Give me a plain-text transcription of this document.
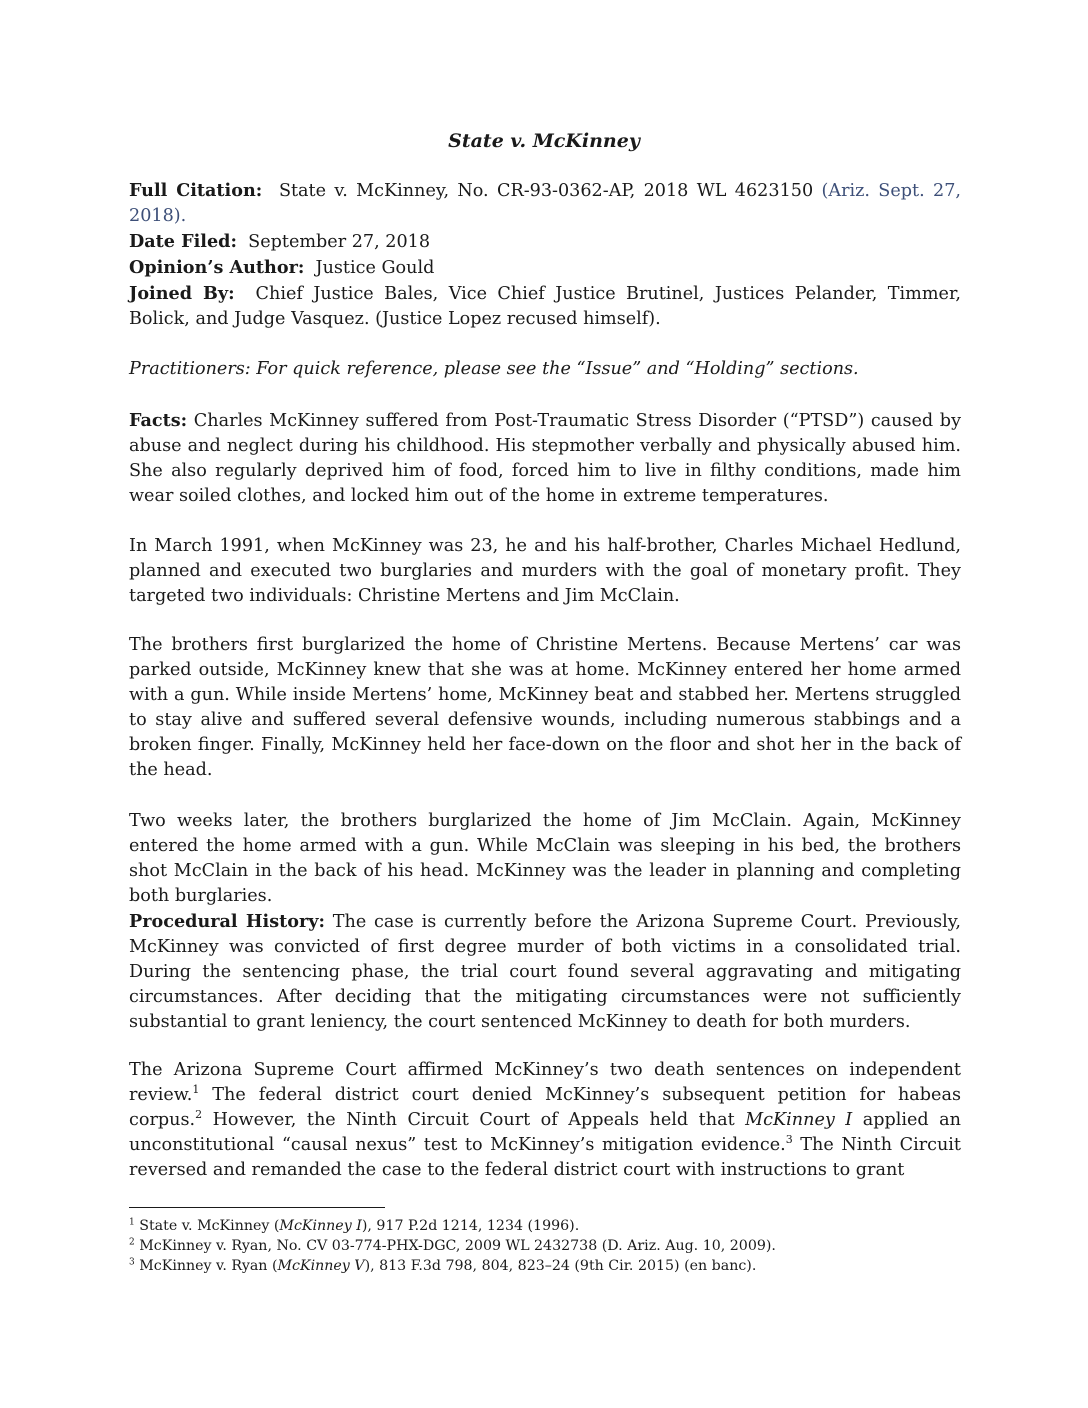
State v. McKinney

Full Citation: State v. McKinney, No. CR-93-0362-AP, 2018 WL 4623150 (Ariz. Sept. 27, 2018).

Date Filed: September 27, 2018

Opinion’s Author: Justice Gould

Joined By: Chief Justice Bales, Vice Chief Justice Brutinel, Justices Pelander, Timmer, Bolick, and Judge Vasquez. (Justice Lopez recused himself).

Practitioners: For quick reference, please see the “Issue” and “Holding” sections.

Facts: Charles McKinney suffered from Post-Traumatic Stress Disorder (“PTSD”) caused by abuse and neglect during his childhood. His stepmother verbally and physically abused him. She also regularly deprived him of food, forced him to live in filthy conditions, made him wear soiled clothes, and locked him out of the home in extreme temperatures.

In March 1991, when McKinney was 23, he and his half-brother, Charles Michael Hedlund, planned and executed two burglaries and murders with the goal of monetary profit. They targeted two individuals: Christine Mertens and Jim McClain.

The brothers first burglarized the home of Christine Mertens. Because Mertens’ car was parked outside, McKinney knew that she was at home. McKinney entered her home armed with a gun. While inside Mertens’ home, McKinney beat and stabbed her. Mertens struggled to stay alive and suffered several defensive wounds, including numerous stabbings and a broken finger. Finally, McKinney held her face-down on the floor and shot her in the back of the head.

Two weeks later, the brothers burglarized the home of Jim McClain. Again, McKinney entered the home armed with a gun. While McClain was sleeping in his bed, the brothers shot McClain in the back of his head. McKinney was the leader in planning and completing both burglaries.

Procedural History: The case is currently before the Arizona Supreme Court. Previously, McKinney was convicted of first degree murder of both victims in a consolidated trial. During the sentencing phase, the trial court found several aggravating and mitigating circumstances. After deciding that the mitigating circumstances were not sufficiently substantial to grant leniency, the court sentenced McKinney to death for both murders.

The Arizona Supreme Court affirmed McKinney’s two death sentences on independent review.$^1$ The federal district court denied McKinney’s subsequent petition for habeas corpus.$^2$ However, the Ninth Circuit Court of Appeals held that McKinney I applied an unconstitutional “causal nexus” test to McKinney’s mitigation evidence.$^3$ The Ninth Circuit reversed and remanded the case to the federal district court with instructions to grant

$^1$ State v. McKinney (McKinney I), 917 P.2d 1214, 1234 (1996).

$^2$ McKinney v. Ryan, No. CV 03-774-PHX-DGC, 2009 WL 2432738 (D. Ariz. Aug. 10, 2009).

$^3$ McKinney v. Ryan (McKinney V), 813 F.3d 798, 804, 823–24 (9th Cir. 2015) (en banc).
